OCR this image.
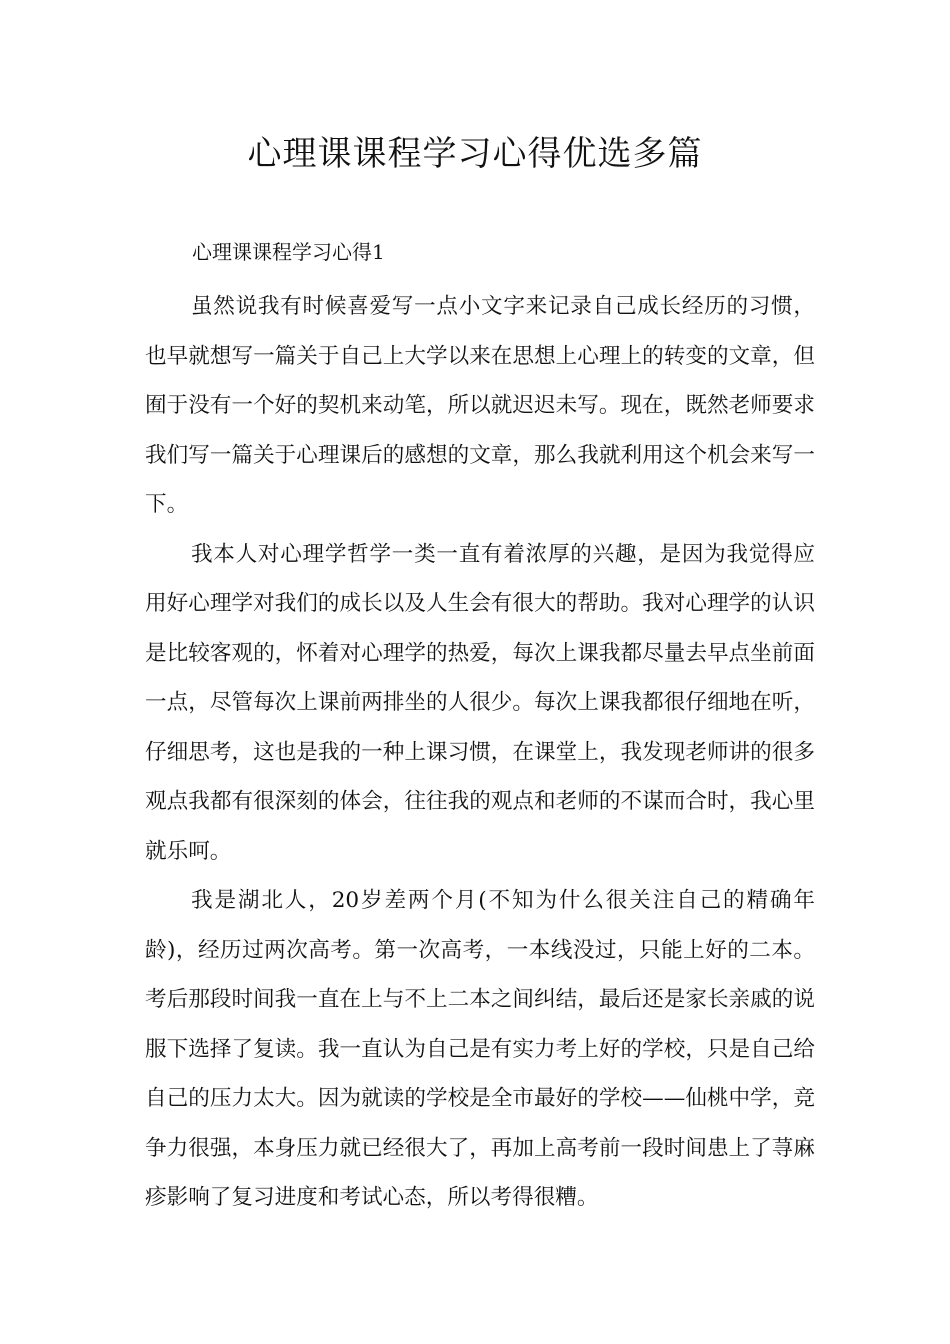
心理课课程学习心得优选多篇

心理课课程学习心得1

虽然说我有时候喜爱写一点小文字来记录自己成长经历的习惯，也早就想写一篇关于自己上大学以来在思想上心理上的转变的文章，但囿于没有一个好的契机来动笔，所以就迟迟未写。现在，既然老师要求我们写一篇关于心理课后的感想的文章，那么我就利用这个机会来写一下。

我本人对心理学哲学一类一直有着浓厚的兴趣，是因为我觉得应用好心理学对我们的成长以及人生会有很大的帮助。我对心理学的认识是比较客观的，怀着对心理学的热爱，每次上课我都尽量去早点坐前面一点，尽管每次上课前两排坐的人很少。每次上课我都很仔细地在听，仔细思考，这也是我的一种上课习惯，在课堂上，我发现老师讲的很多观点我都有很深刻的体会，往往我的观点和老师的不谋而合时，我心里就乐呵。

我是湖北人，20岁差两个月(不知为什么很关注自己的精确年龄)，经历过两次高考。第一次高考，一本线没过，只能上好的二本。考后那段时间我一直在上与不上二本之间纠结，最后还是家长亲戚的说服下选择了复读。我一直认为自己是有实力考上好的学校，只是自己给自己的压力太大。因为就读的学校是全市最好的学校——仙桃中学，竞争力很强，本身压力就已经很大了，再加上高考前一段时间患上了荨麻疹影响了复习进度和考试心态，所以考得很糟。
